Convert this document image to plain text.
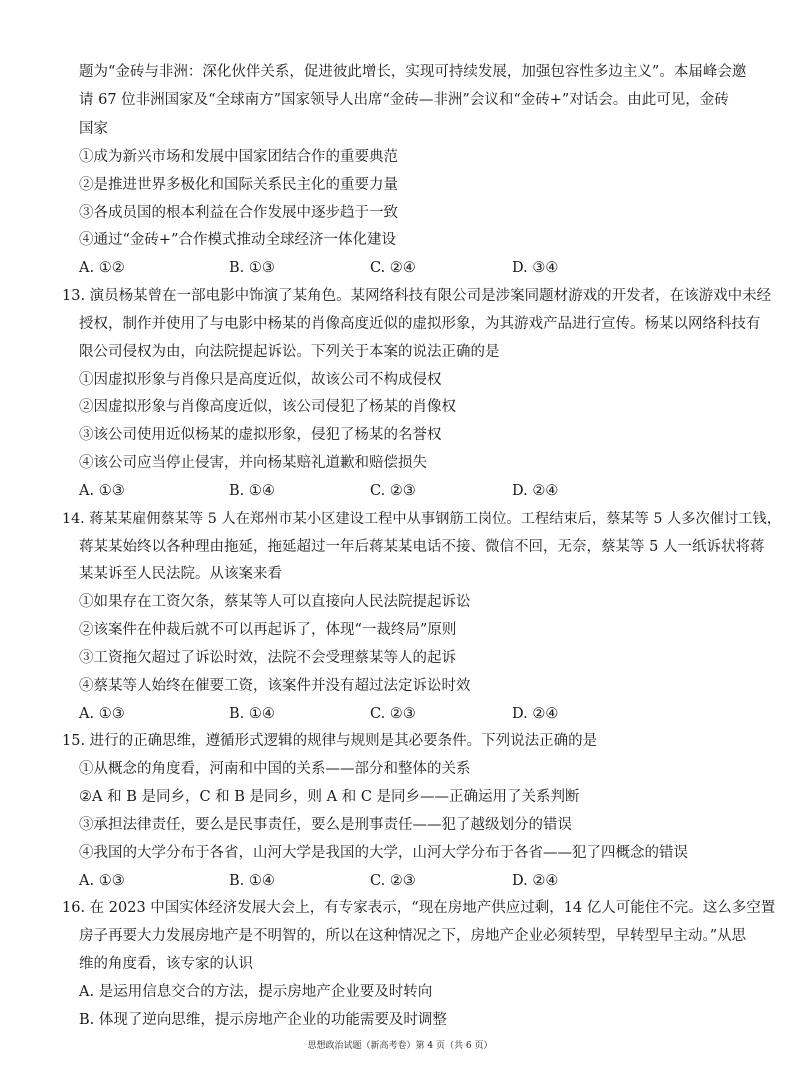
题为“金砖与非洲：深化伙伴关系，促进彼此增长，实现可持续发展，加强包容性多边主义”。本届峰会邀
请 67 位非洲国家及“全球南方”国家领导人出席“金砖—非洲”会议和“金砖+”对话会。由此可见，金砖
国家
①成为新兴市场和发展中国家团结合作的重要典范
②是推进世界多极化和国际关系民主化的重要力量
③各成员国的根本利益在合作发展中逐步趋于一致
④通过“金砖+”合作模式推动全球经济一体化建设
A. ①②	B. ①③	C. ②④	D. ③④
13. 演员杨某曾在一部电影中饰演了某角色。某网络科技有限公司是涉案同题材游戏的开发者，在该游戏中未经
授权，制作并使用了与电影中杨某的肖像高度近似的虚拟形象，为其游戏产品进行宣传。杨某以网络科技有
限公司侵权为由，向法院提起诉讼。下列关于本案的说法正确的是
①因虚拟形象与肖像只是高度近似，故该公司不构成侵权
②因虚拟形象与肖像高度近似，该公司侵犯了杨某的肖像权
③该公司使用近似杨某的虚拟形象，侵犯了杨某的名誉权
④该公司应当停止侵害，并向杨某赔礼道歉和赔偿损失
A. ①③	B. ①④	C. ②③	D. ②④
14. 蒋某某雇佣蔡某等 5 人在郑州市某小区建设工程中从事钢筋工岗位。工程结束后，蔡某等 5 人多次催讨工钱，
蒋某某始终以各种理由拖延，拖延超过一年后蒋某某电话不接、微信不回，无奈，蔡某等 5 人一纸诉状将蒋
某某诉至人民法院。从该案来看
①如果存在工资欠条，蔡某等人可以直接向人民法院提起诉讼
②该案件在仲裁后就不可以再起诉了，体现“一裁终局”原则
③工资拖欠超过了诉讼时效，法院不会受理蔡某等人的起诉
④蔡某等人始终在催要工资，该案件并没有超过法定诉讼时效
A. ①③	B. ①④	C. ②③	D. ②④
15. 进行的正确思维，遵循形式逻辑的规律与规则是其必要条件。下列说法正确的是
①从概念的角度看，河南和中国的关系——部分和整体的关系
②A 和 B 是同乡，C 和 B 是同乡，则 A 和 C 是同乡——正确运用了关系判断
③承担法律责任，要么是民事责任，要么是刑事责任——犯了越级划分的错误
④我国的大学分布于各省，山河大学是我国的大学，山河大学分布于各省——犯了四概念的错误
A. ①③	B. ①④	C. ②③	D. ②④
16. 在 2023 中国实体经济发展大会上，有专家表示，“现在房地产供应过剩，14 亿人可能住不完。这么多空置
房子再要大力发展房地产是不明智的，所以在这种情况之下，房地产企业必须转型，早转型早主动。”从思
维的角度看，该专家的认识
A. 是运用信息交合的方法，提示房地产企业要及时转向
B. 体现了逆向思维，提示房地产企业的功能需要及时调整
思想政治试题（新高考卷）第 4 页（共 6 页）
